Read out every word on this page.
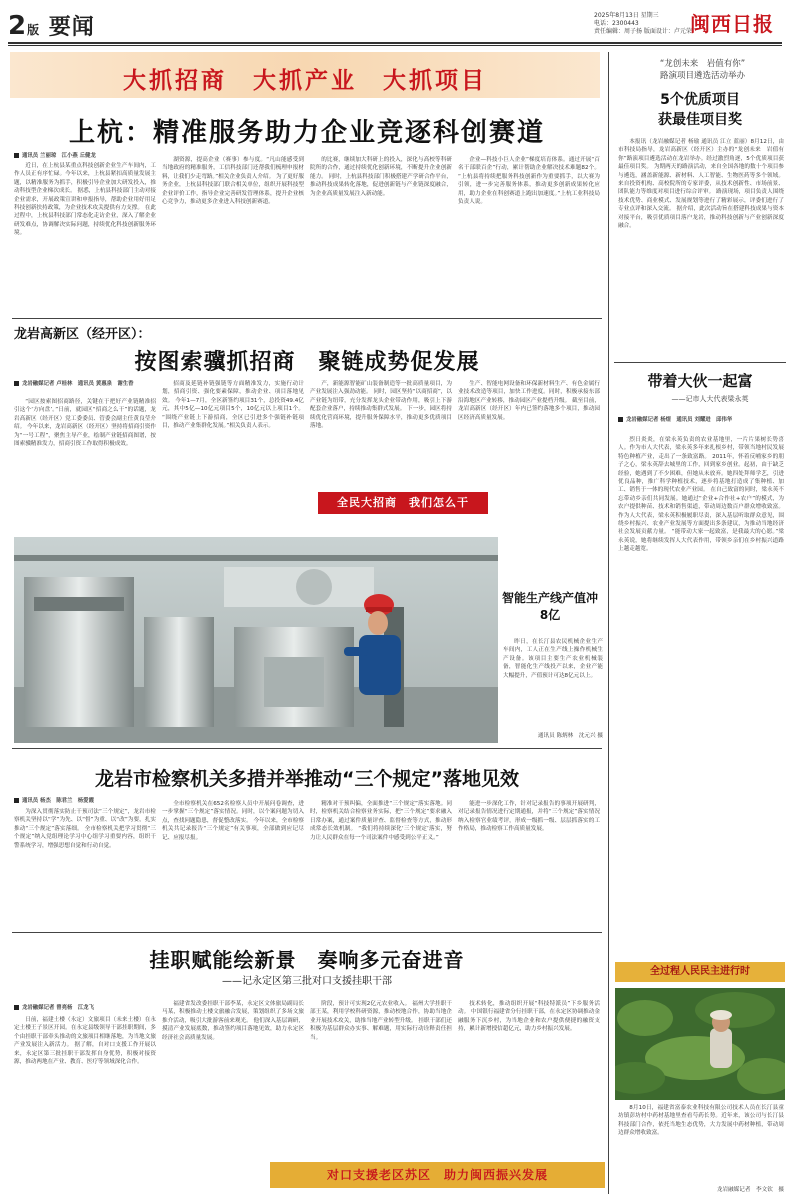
2版 要闻	2025年8月13日 星期三
电话：2300443
责任编辑：周子扬 版面设计：卢元荣
闽西日报
大抓招商　大抓产业　大抓项目
上杭：精准服务助力企业竞逐科创赛道
通讯员 兰丽琼　江小燕 丘健龙

近日，在上杭县某重点科技创新企业生产车间内，工作人员正有序忙碌。今年以来，上杭县紧扣高质量发展主题，以精准服务为抓手，积极引导企业加大研发投入，推动科技型企业梯次成长。 据悉，上杭县科技部门主动对接企业需求，开展政策宣讲和申报指导，帮助企业用好用足科技创新扶持政策，为企业技术攻关提供有力支撑。 在此过程中，上杭县科技部门常态化走访企业，深入了解企业研发难点，协调解决实际问题，持续优化科技创新服务环境。

湖资源，提高企业（赛事）参与度。“凡山能感受到当地政府的精准服务，工信科技部门还帮我们梳理申报材料，让我们少走弯路。”相关企业负责人介绍。 为了更好服务企业，上杭县科技部门联合相关单位，组织开展科技型企业评价工作，指导企业完善研发管理体系，提升企业核心竞争力，推动更多企业进入科技创新赛道。

的比赛，继续加大科研上的投入，深化与高校等科研院所的合作，通过持续优化创新环境，不断提升企业创新能力。 同时，上杭县科技部门积极搭建产学研合作平台，推动科技成果转化落地，促进创新链与产业链深度融合，为企业高质量发展注入新动能。

企业—科技小巨人企业”梯度培育体系。通过开展“百名干部联百企”行动，累计帮助企业解决技术难题82个。 “上杭县将持续把服务科技创新作为重要抓手，以大赛为引领，进一步完善服务体系，推动更多创新成果转化应用，助力企业在科创赛道上跑出加速度。”上杭工业科技局负责人说。

龙岩高新区（经开区）：
按图索骥抓招商　聚链成势促发展
龙岩融媒记者 卢桂林　通讯员 黄惠泉　谢生香

“园区按索图招商路径，关键在于把好产业链精准招引这个‘方向盘’。”日前，就园区“招商之么干”的话题，龙岩高新区（经开区）党工委委员、管委会副主任黄良莹介绍。 今年以来，龙岩高新区（经开区）坚持将招商引资作为“一号工程”，聚焦主导产业，绘制产业链招商图谱，按图索骥精准发力，招商引资工作取得积极成效。

招商及延链补链强链等方面精准发力，实施行动计划，招商引资、强化要素保障，推动企业、项目落地见效。 今年1—7月，全区新签约项目31个，总投资49.4亿元，其中5亿—10亿元项目5个，10亿元以上项目1个。 “围绕产业链上下游招商，全区已引进多个强链补链项目，推动产业集群化发展。”相关负责人表示。

产，新能源智能矿山装备制造等一批高质量项目，为产业发展注入强劲动能。 同时，园区坚持“以商招商”，以产业链为纽带，充分发挥龙头企业带动作用，吸引上下游配套企业落户，持续推动集群式发展。 下一步，园区将持续优化营商环境，提升服务保障水平，推动更多优质项目落地。

生产、智能电网设备和环保新材料生产、有色金属行业技术改造等项目，加快工作进度。同时，积极承接东部沿海地区产业转移，推动园区产业提档升级。 截至目前，龙岩高新区（经开区）年内已签约落地多个项目，推动园区经济高质量发展。

全民大招商　我们怎么干
智能生产线产值冲8亿

昨日，在长汀县农民机械企业生产车间内，工人正在生产线上操作机械生产设备。该项目主要生产农业机械装备，智能化生产线投产以来，企业产能大幅提升，产值预计可达8亿元以上。

通讯员 陈炳林　沈元兴 摄
龙岩市检察机关多措并举推动“三个规定”落地见效
通讯员 杨杰　陈君兰　杨爱霞

为深入贯彻落实防止干预司法“三个规定”，龙岩市检察机关坚持以“学”为先、以“督”为重、以“改”为要，扎实推动“三个规定”落实落细。 全市检察机关把学习贯彻“三个规定”纳入党组理论学习中心组学习重要内容，组织干警系统学习，增强思想自觉和行动自觉。

全市检察机关在652名检察人员中开展问卷调查，进一步掌握“三个规定”落实情况。同时，以个案问题为切入点，查找问题隐患，督促整改落实。 今年以来，全市检察机关共记录报告“三个规定”有关事项，全部做到应记尽记、应报尽报。

精准对干预纠偏，全面推进“三个规定”落实落地。同时，检察机关结合检察业务实际，把“三个规定”要求融入日常办案，通过案件质量评查、监督检查等方式，推动形成常态长效机制。 “我们将持续深化‘三个规定’落实，努力让人民群众在每一个司法案件中感受到公平正义。”

能进一步深化工作，针对记录报告的事项开展研判，对记录报告情况进行定期通报，并将“三个规定”落实情况纳入检察官业绩考评，形成一级抓一级、层层抓落实的工作格局，推动检察工作高质量发展。

挂职赋能绘新景　奏响多元奋进音
——记永定区第三批对口支援挂职干部
龙岩融媒记者 曾亮杨　江龙飞

日前，福建土楼（永定）文旅项目（未来土楼）在永定土楼王子景区开园。在永定县级领导干部挂职期间，多个由挂职干部牵头推动的文旅项目相继落地，为当地文旅产业发展注入新活力。 据了解，自对口支援工作开展以来，永定区第三批挂职干部发挥自身优势，积极对接资源，推动两地在产业、教育、医疗等领域深化合作。

福建省发改委挂职干部李某，永定区文体旅局副局长马某，积极推动土楼文旅融合发展，策划组织了多场文旅推介活动，吸引大批游客前来观光。 他们深入基层调研，摸清产业发展底数，推动签约项目落地见效，助力永定区经济社会高质量发展。

阶段，预计可实现2亿元农业收入。 福州大学挂职干部王某，利用学校科研资源，推动校地合作，协助当地企业开展技术攻关，助推当地产业转型升级。 挂职干部们还积极为基层群众办实事、解难题，用实际行动诠释责任担当。

技术转化，推动组织开展“科技特派员”下乡服务活动。 中国银行福建省分行挂职干部，在永定区协调推动金融服务下沉乡村，为当地企业和农户提供便捷的融资支持，累计新增授信超亿元，助力乡村振兴发展。

对口支援老区苏区　助力闽西振兴发展
“龙创未来　岩值有你”
路演项目遴选活动举办
5个优质项目
获最佳项目奖

本报讯（龙岩融媒记者 杨瑜 通讯员 江立 蓝丽）8月12日，由市科技局指导，龙岩高新区（经开区）主办的“龙创未来　岩值有你”路演项目遴选活动在龙岩举办。经过激烈角逐，5个优质项目获最佳项目奖。 为期两天的路演活动，来自全国各地的数十个项目参与遴选，涵盖新能源、新材料、人工智能、生物医药等多个领域。来自投资机构、高校院所的专家评委，从技术创新性、市场前景、团队能力等维度对项目进行综合评审。 路演现场，项目负责人围绕技术优势、商业模式、发展规划等进行了精彩展示，评委们进行了专业点评和深入交流。 据介绍，此次活动旨在搭建科技成果与资本对接平台，吸引优质项目落户龙岩，推动科技创新与产业创新深度融合。

带着大伙一起富
——记市人大代表梁永英
龙岩融媒记者 杨煜　通讯员 刘耀进　邱伟华

烈日炎炎，在梁永英负责的农业基地里，一片片果树长势喜人。作为市人大代表，梁永英多年来扎根乡村，带领当地村民发展特色种植产业，走出了一条致富路。 2011年，怀着反哺家乡的朋子之心，梁永英辞去城里的工作，回到家乡创业。起初，由于缺乏经验，她遇到了不少困难，但她从未放弃。她四处拜师学艺，引进优良品种，推广科学种植技术，逐步将基地打造成了集种植、加工、销售于一体的现代农业产业园。 在自己致富的同时，梁永英不忘带动乡亲们共同发展。她通过“企业+合作社+农户”的模式，为农户提供种苗、技术和销售渠道，带动周边数百户群众增收致富。 作为人大代表，梁永英积极履职尽责，深入基层听取群众意见，围绕乡村振兴、农业产业发展等方面提出多条建议，为推动当地经济社会发展贡献力量。 “能带动大家一起致富，是我最大的心愿。”梁永英说，她将继续发挥人大代表作用，带领乡亲们在乡村振兴道路上越走越宽。

全过程人民民主进行时

8月10日，福建省富泰农业科技有限公司技术人员在长汀县童坊镇彭坊村中药材基地里查看芍药长势。近年来，该公司与长汀县科技部门合作，依托当地生态优势，大力发展中药材种植，带动周边群众增收致富。

龙岩融媒记者　李文钦　摄
